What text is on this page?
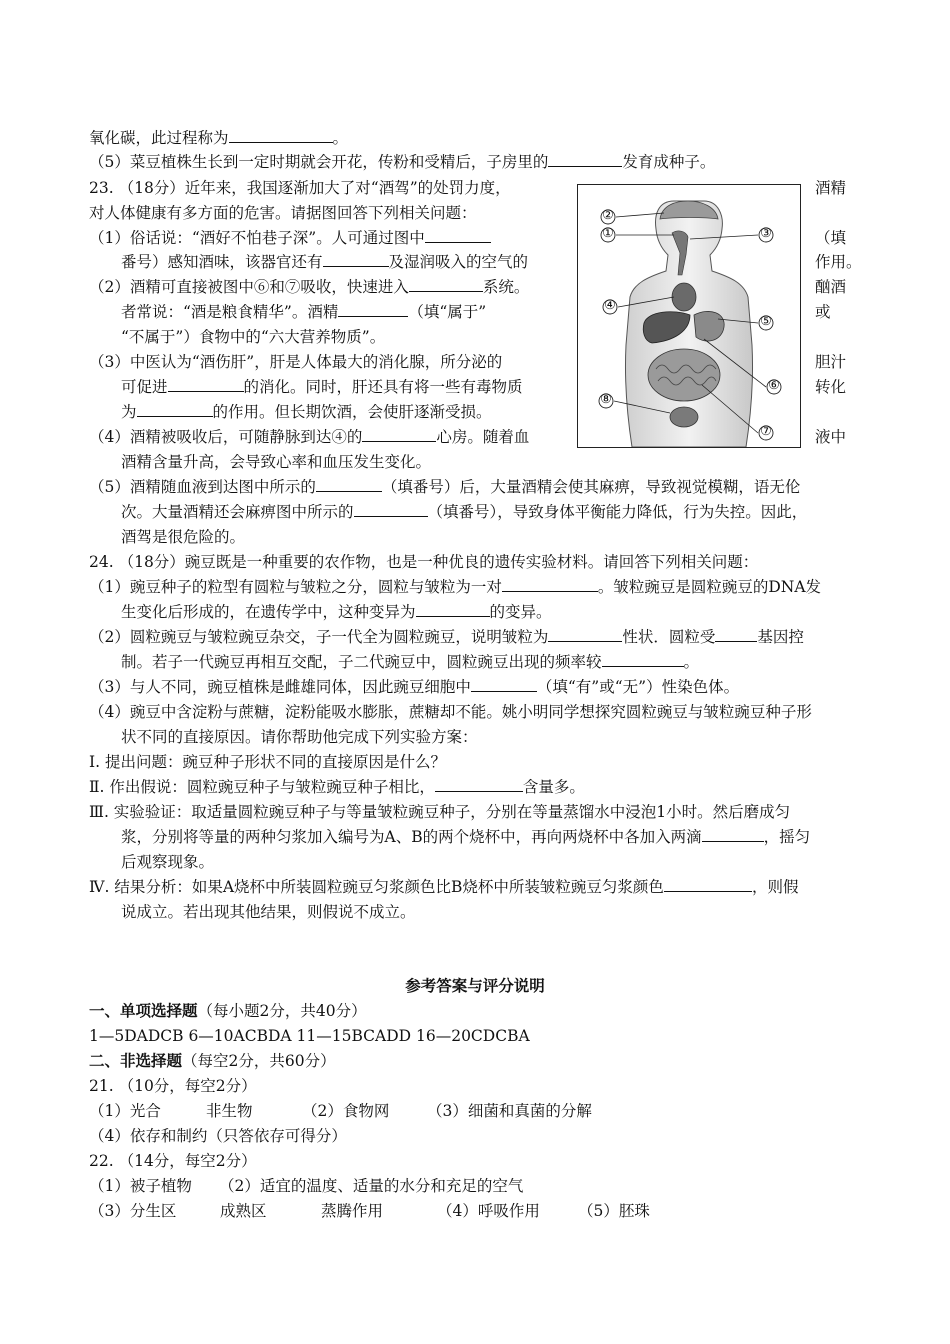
氧化碳，此过程称为	。
（5）菜豆植株生长到一定时期就会开花，传粉和受精后，子房里的	发育成种子。
23. （18分）近年来，我国逐渐加大了对“酒驾”的处罚力度，	酒精
对人体健康有多方面的危害。请据图回答下列相关问题：
（1）俗话说：“酒好不怕巷子深”。人可通过图中	（填
番号）感知酒味，该器官还有	及湿润吸入的空气的	作用。
（2）酒精可直接被图中⑥和⑦吸收，快速进入	系统。	酗酒
者常说：“酒是粮食精华”。酒精	（填“属于”	或
“不属于”）食物中的“六大营养物质”。
（3）中医认为“酒伤肝”，肝是人体最大的消化腺，所分泌的	胆汁
可促进	的消化。同时，肝还具有将一些有毒物质	转化
为	的作用。但长期饮酒，会使肝逐渐受损。
（4）酒精被吸收后，可随静脉到达④的	心房。随着血	液中
酒精含量升高，会导致心率和血压发生变化。
（5）酒精随血液到达图中所示的	（填番号）后，大量酒精会使其麻痹，导致视觉模糊，语无伦
次。大量酒精还会麻痹图中所示的	（填番号），导致身体平衡能力降低，行为失控。因此，
酒驾是很危险的。
②
①	③
④
⑤
⑥
⑧
⑦
24. （18分）豌豆既是一种重要的农作物，也是一种优良的遗传实验材料。请回答下列相关问题：
（1）豌豆种子的粒型有圆粒与皱粒之分，圆粒与皱粒为一对	。皱粒豌豆是圆粒豌豆的DNA发
生变化后形成的，在遗传学中，这种变异为	的变异。
（2）圆粒豌豆与皱粒豌豆杂交，子一代全为圆粒豌豆，说明皱粒为	性状．圆粒受	基因控
制。若子一代豌豆再相互交配，子二代豌豆中，圆粒豌豆出现的频率较	。
（3）与人不同，豌豆植株是雌雄同体，因此豌豆细胞中	（填“有”或“无”）性染色体。
（4）豌豆中含淀粉与蔗糖，淀粉能吸水膨胀，蔗糖却不能。姚小明同学想探究圆粒豌豆与皱粒豌豆种子形
状不同的直接原因。请你帮助他完成下列实验方案：
Ⅰ. 提出问题：豌豆种子形状不同的直接原因是什么？
Ⅱ. 作出假说：圆粒豌豆种子与皱粒豌豆种子相比，	含量多。
Ⅲ. 实验验证：取适量圆粒豌豆种子与等量皱粒豌豆种子，分别在等量蒸馏水中浸泡1小时。然后磨成匀
浆，分别将等量的两种匀浆加入编号为A、B的两个烧杯中，再向两烧杯中各加入两滴	，摇匀
后观察现象。
Ⅳ. 结果分析：如果A烧杯中所装圆粒豌豆匀浆颜色比B烧杯中所装皱粒豌豆匀浆颜色	，则假
说成立。若出现其他结果，则假说不成立。
参考答案与评分说明
一、单项选择题（每小题2分，共40分）
1—5DADCB 6—10ACBDA 11—15BCADD 16—20CDCBA
二、非选择题（每空2分，共60分）
21. （10分，每空2分）
（1）光合	非生物	（2）食物网 （3）细菌和真菌的分解
（4）依存和制约（只答依存可得分）
22. （14分，每空2分）
（1）被子植物 （2）适宜的温度、适量的水分和充足的空气
（3）分生区	成熟区	蒸腾作用	（4）呼吸作用 （5）胚珠
